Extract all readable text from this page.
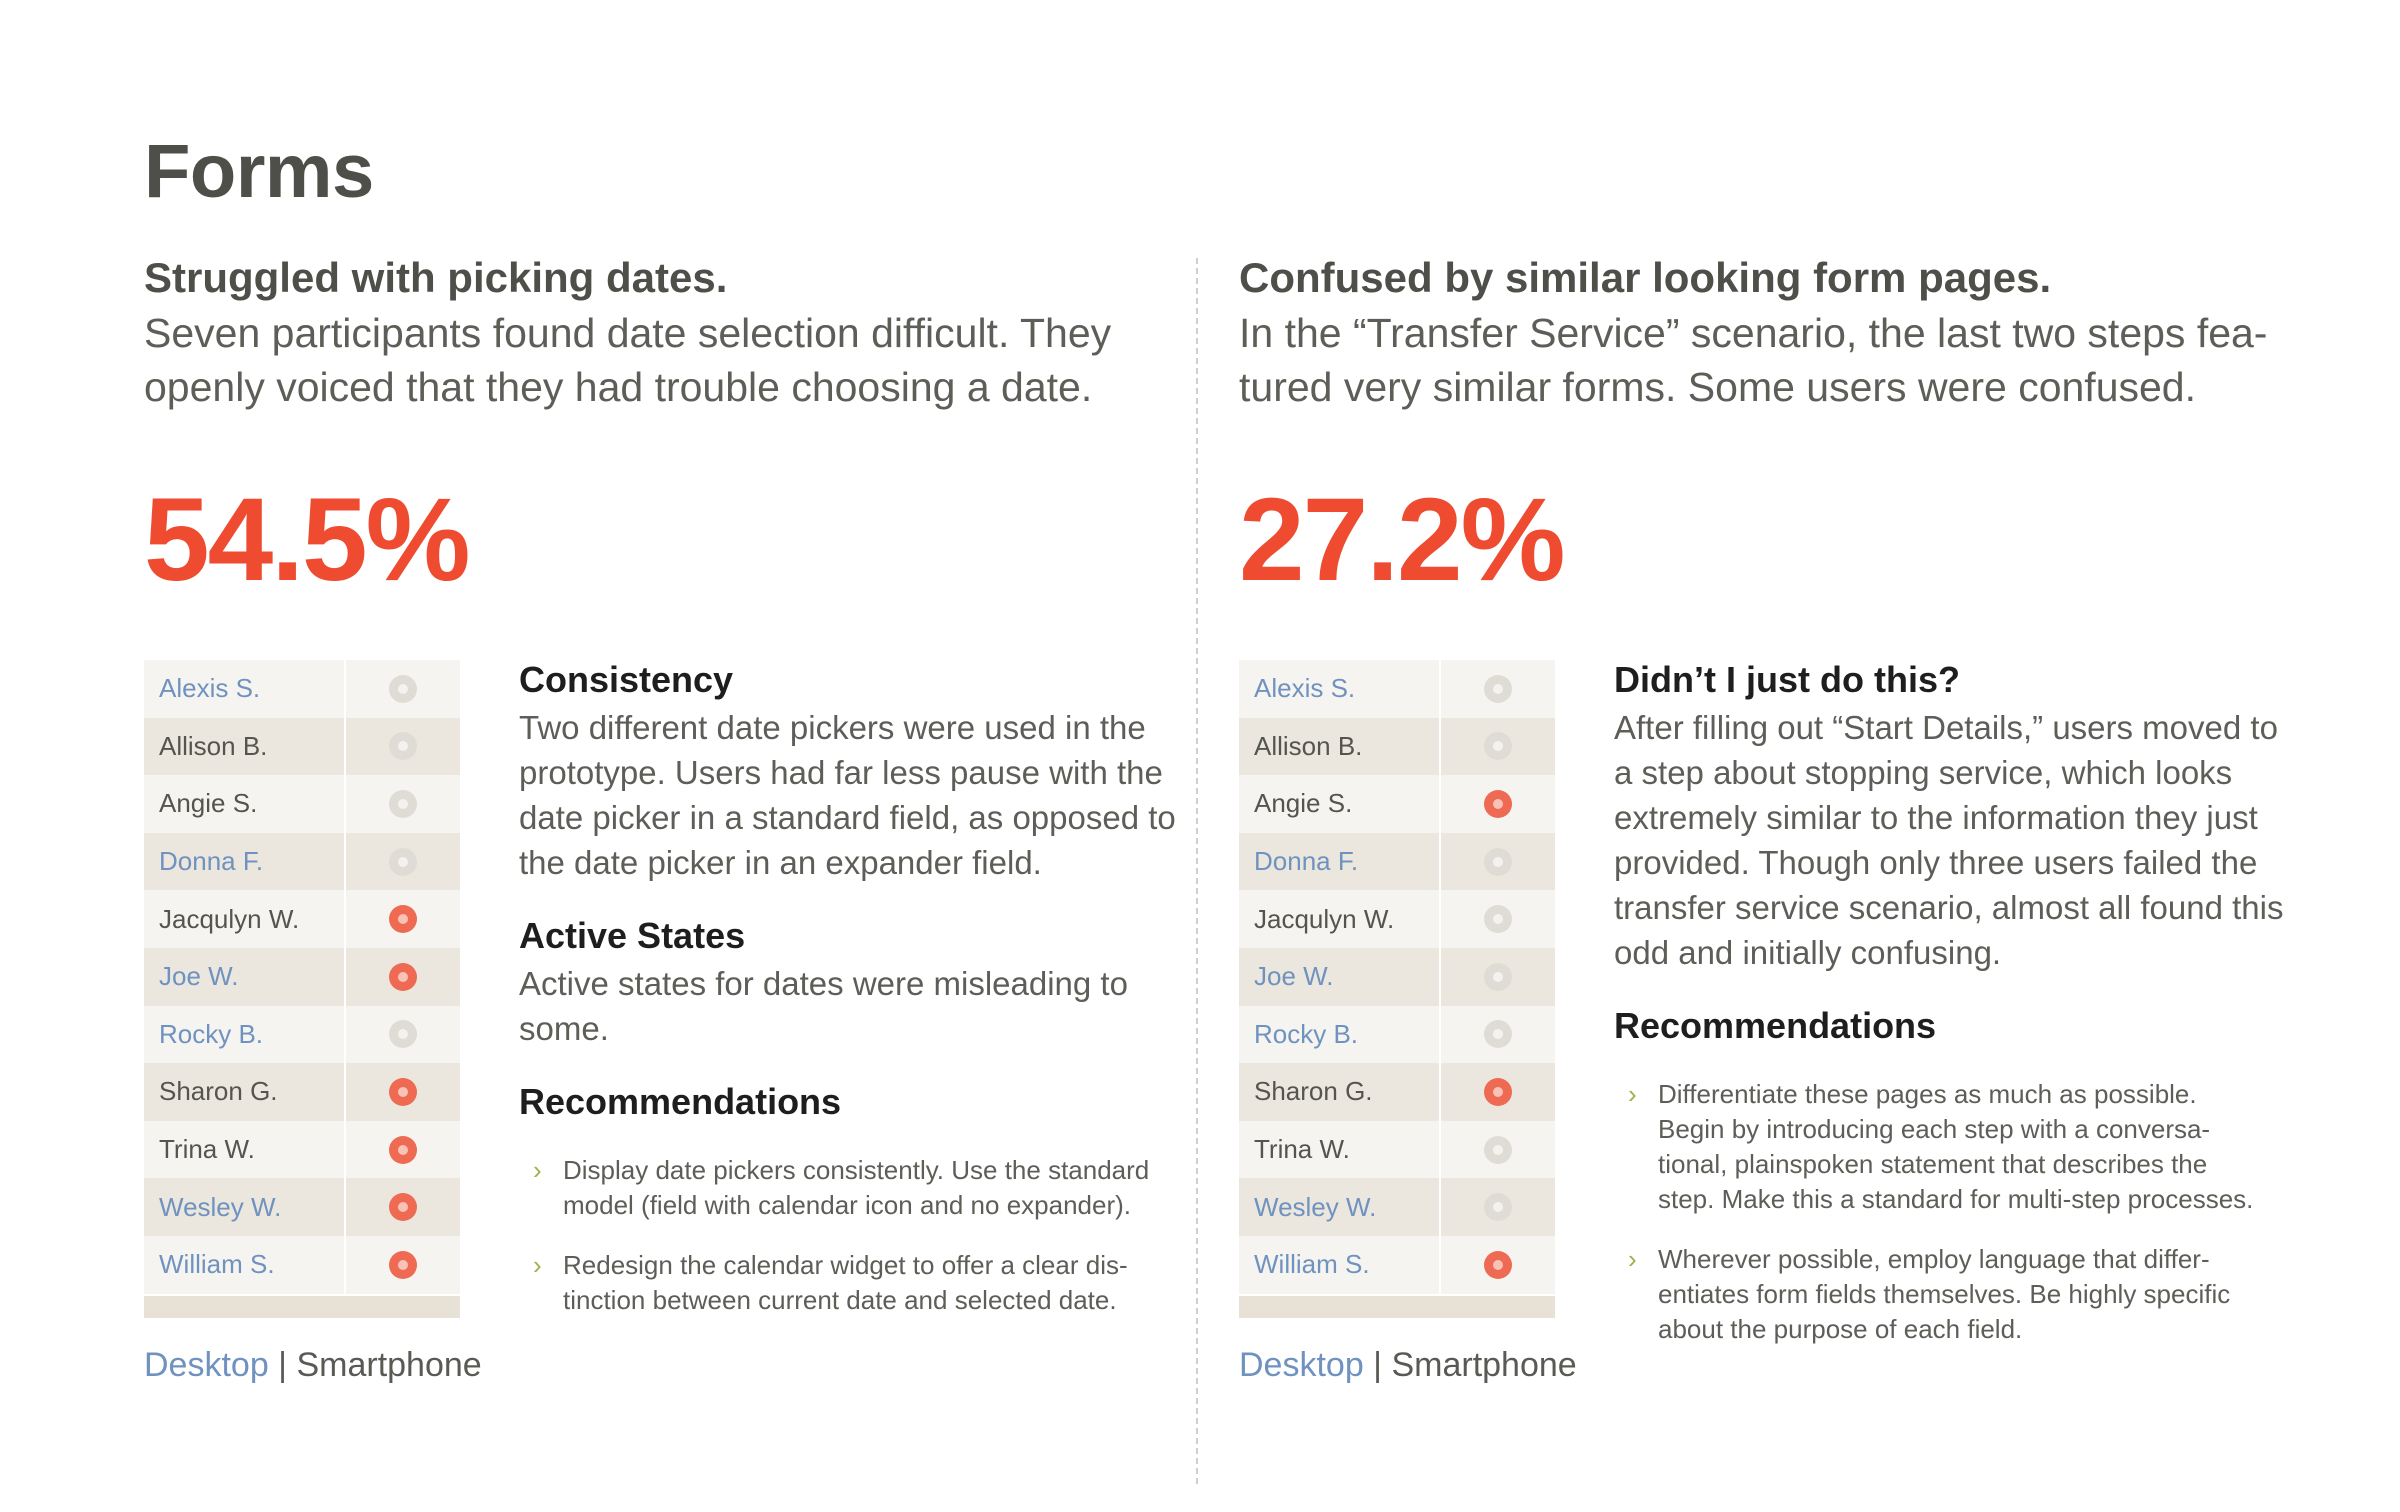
Forms
Struggled with picking dates.
Seven participants found date selection difficult. They
openly voiced that they had trouble choosing a date.
54.5%
Alexis S.
Allison B.
Angie S.
Donna F.
Jacqulyn W.
Joe W.
Rocky B.
Sharon G.
Trina W.
Wesley W.
William S.
Desktop | Smartphone
Consistency
Two different date pickers were used in the
prototype. Users had far less pause with the
date picker in a standard field, as opposed to
the date picker in an expander field.
Active States
Active states for dates were misleading to
some.
Recommendations
› Display date pickers consistently. Use the standard
model (field with calendar icon and no expander).
› Redesign the calendar widget to offer a clear dis-
tinction between current date and selected date.
Confused by similar looking form pages.
In the “Transfer Service” scenario, the last two steps fea-
tured very similar forms. Some users were confused.
27.2%
Alexis S.
Allison B.
Angie S.
Donna F.
Jacqulyn W.
Joe W.
Rocky B.
Sharon G.
Trina W.
Wesley W.
William S.
Desktop | Smartphone
Didn’t I just do this?
After filling out “Start Details,” users moved to
a step about stopping service, which looks
extremely similar to the information they just
provided. Though only three users failed the
transfer service scenario, almost all found this
odd and initially confusing.
Recommendations
› Differentiate these pages as much as possible.
Begin by introducing each step with a conversa-
tional, plainspoken statement that describes the
step. Make this a standard for multi-step processes.
› Wherever possible, employ language that differ-
entiates form fields themselves. Be highly specific
about the purpose of each field.
